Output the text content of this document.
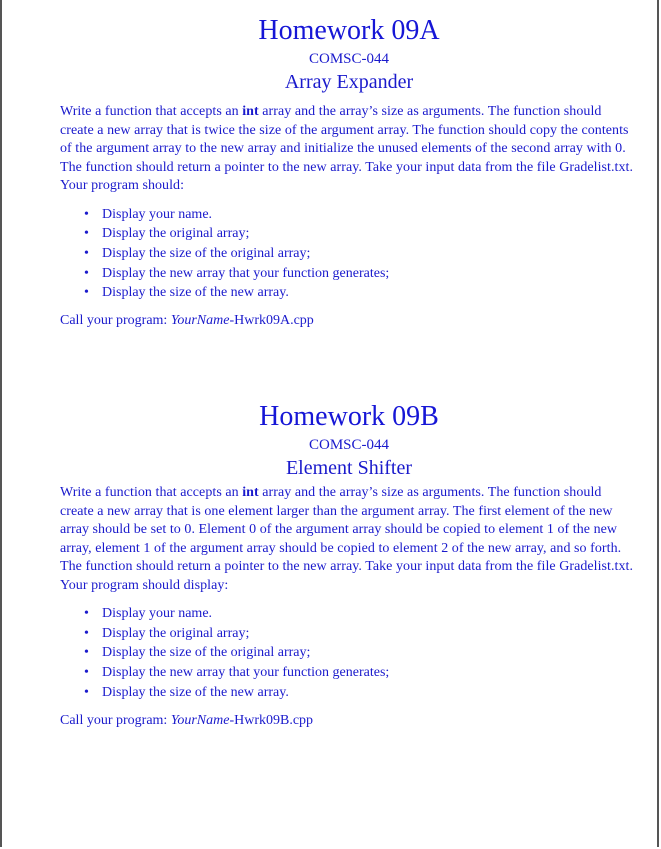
Homework 09A
COMSC-044
Array Expander
Write a function that accepts an int array and the array’s size as arguments. The function should create a new array that is twice the size of the argument array. The function should copy the contents of the argument array to the new array and initialize the unused elements of the second array with 0. The function should return a pointer to the new array. Take your input data from the file Gradelist.txt. Your program should:
• Display your name.
• Display the original array;
• Display the size of the original array;
• Display the new array that your function generates;
• Display the size of the new array.
Call your program: YourName-Hwrk09A.cpp
Homework 09B
COMSC-044
Element Shifter
Write a function that accepts an int array and the array’s size as arguments. The function should create a new array that is one element larger than the argument array. The first element of the new array should be set to 0. Element 0 of the argument array should be copied to element 1 of the new array, element 1 of the argument array should be copied to element 2 of the new array, and so forth. The function should return a pointer to the new array. Take your input data from the file Gradelist.txt. Your program should display:
• Display your name.
• Display the original array;
• Display the size of the original array;
• Display the new array that your function generates;
• Display the size of the new array.
Call your program: YourName-Hwrk09B.cpp
